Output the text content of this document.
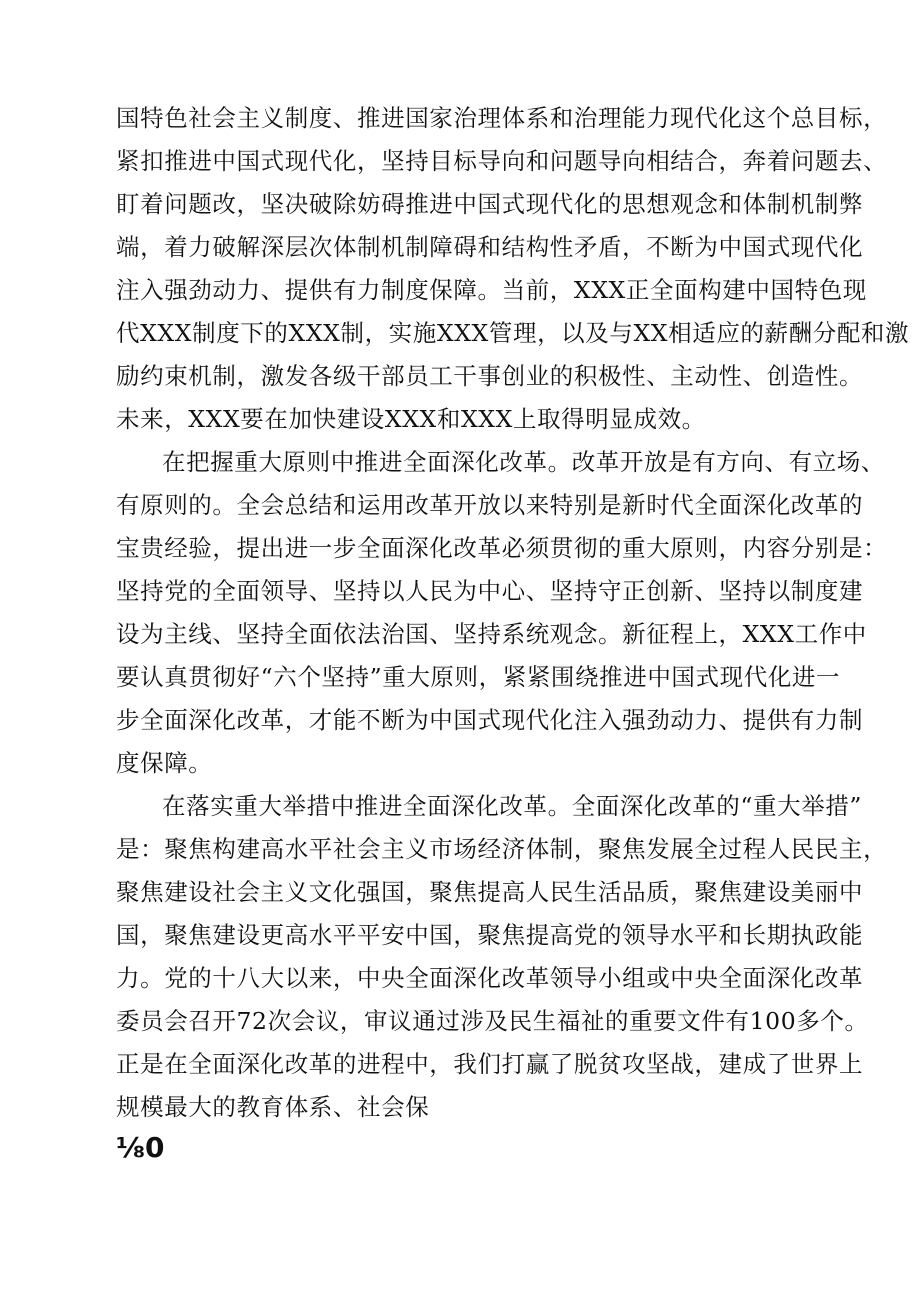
国特色社会主义制度、推进国家治理体系和治理能力现代化这个总目标，
紧扣推进中国式现代化，坚持目标导向和问题导向相结合，奔着问题去、
盯着问题改，坚决破除妨碍推进中国式现代化的思想观念和体制机制弊
端，着力破解深层次体制机制障碍和结构性矛盾，不断为中国式现代化
注入强劲动力、提供有力制度保障。当前，XXX正全面构建中国特色现
代XXX制度下的XXX制，实施XXX管理，以及与XX相适应的薪酬分配和激
励约束机制，激发各级干部员工干事创业的积极性、主动性、创造性。
未来，XXX要在加快建设XXX和XXX上取得明显成效。
在把握重大原则中推进全面深化改革。改革开放是有方向、有立场、
有原则的。全会总结和运用改革开放以来特别是新时代全面深化改革的
宝贵经验，提出进一步全面深化改革必须贯彻的重大原则，内容分别是：
坚持党的全面领导、坚持以人民为中心、坚持守正创新、坚持以制度建
设为主线、坚持全面依法治国、坚持系统观念。新征程上，XXX工作中
要认真贯彻好“六个坚持”重大原则，紧紧围绕推进中国式现代化进一
步全面深化改革，才能不断为中国式现代化注入强劲动力、提供有力制
度保障。
在落实重大举措中推进全面深化改革。全面深化改革的“重大举措”
是：聚焦构建高水平社会主义市场经济体制，聚焦发展全过程人民民主，
聚焦建设社会主义文化强国，聚焦提高人民生活品质，聚焦建设美丽中
国，聚焦建设更高水平平安中国，聚焦提高党的领导水平和长期执政能
力。党的十八大以来，中央全面深化改革领导小组或中央全面深化改革
委员会召开72次会议，审议通过涉及民生福祉的重要文件有100多个。
正是在全面深化改革的进程中，我们打赢了脱贫攻坚战，建成了世界上
规模最大的教育体系、社会保
⅛0
